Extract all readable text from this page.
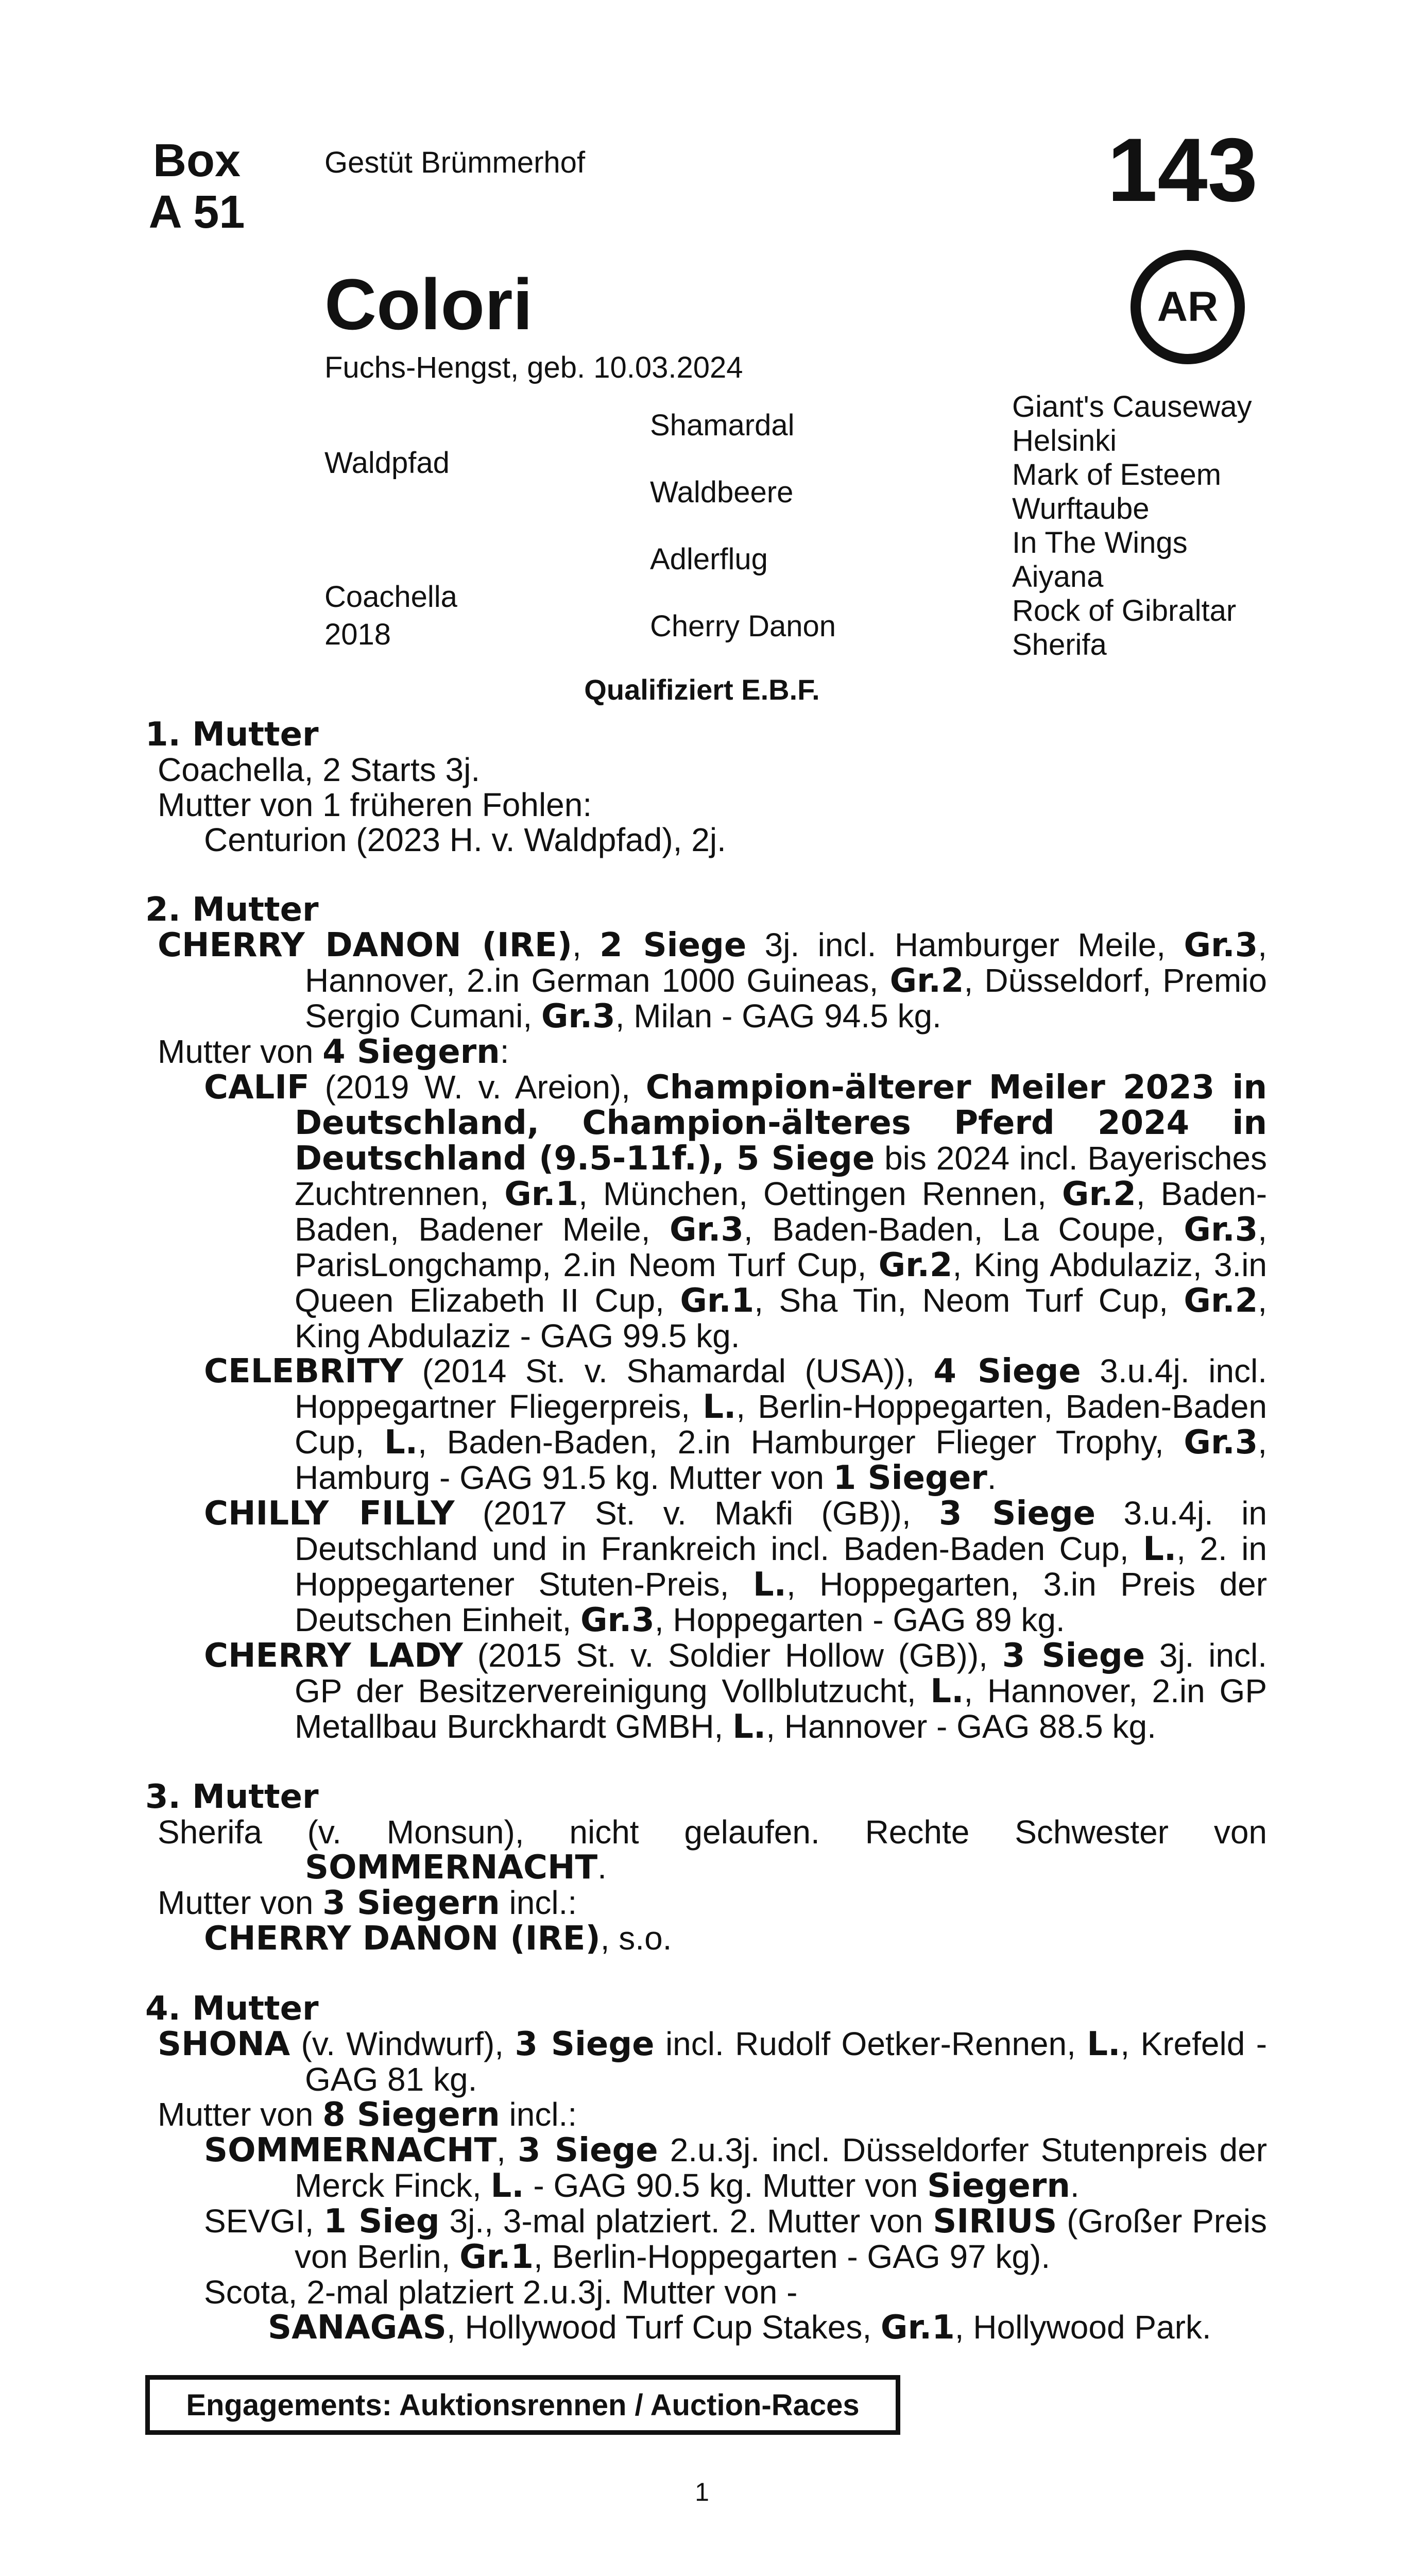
Box
A 51
Gestüt Brümmerhof	143
Colori	AR
Fuchs-Hengst, geb. 10.03.2024
Waldpfad
Coachella
2018
Shamardal
Waldbeere
Adlerflug
Cherry Danon
Giant's Causeway
Helsinki
Mark of Esteem
Wurftaube
In The Wings
Aiyana
Rock of Gibraltar
Sherifa
Qualifiziert E.B.F.
1. Mutter

Coachella, 2 Starts 3j.

Mutter von 1 früheren Fohlen:

Centurion (2023 H. v. Waldpfad), 2j.

2. Mutter

CHERRY DANON (IRE), 2 Siege 3j. incl. Hamburger Meile, Gr.3, Hannover, 2.in German 1000 Guineas, Gr.2, Düsseldorf, Premio Sergio Cumani, Gr.3, Milan - GAG 94.5 kg.

Mutter von 4 Siegern:

CALIF (2019 W. v. Areion), Champion-älterer Meiler 2023 in Deutschland, Champion-älteres Pferd 2024 in Deutschland (9.5-11f.), 5 Siege bis 2024 incl. Bayerisches Zuchtrennen, Gr.1, München, Oettingen Rennen, Gr.2, Baden-Baden, Badener Meile, Gr.3, Baden-Baden, La Coupe, Gr.3, ParisLongchamp, 2.in Neom Turf Cup, Gr.2, King Abdulaziz, 3.in Queen Elizabeth II Cup, Gr.1, Sha Tin, Neom Turf Cup, Gr.2, King Abdulaziz - GAG 99.5 kg.

CELEBRITY (2014 St. v. Shamardal (USA)), 4 Siege 3.u.4j. incl. Hoppegartner Fliegerpreis, L., Berlin-Hoppegarten, Baden-Baden Cup, L., Baden-Baden, 2.in Hamburger Flieger Trophy, Gr.3, Hamburg - GAG 91.5 kg. Mutter von 1 Sieger.

CHILLY FILLY (2017 St. v. Makfi (GB)), 3 Siege 3.u.4j. in Deutschland und in Frankreich incl. Baden-Baden Cup, L., 2. in Hoppegartener Stuten-Preis, L., Hoppegarten, 3.in Preis der Deutschen Einheit, Gr.3, Hoppegarten - GAG 89 kg.

CHERRY LADY (2015 St. v. Soldier Hollow (GB)), 3 Siege 3j. incl. GP der Besitzervereinigung Vollblutzucht, L., Hannover, 2.in GP Metallbau Burckhardt GMBH, L., Hannover - GAG 88.5 kg.

3. Mutter

Sherifa (v. Monsun), nicht gelaufen. Rechte Schwester von SOMMERNACHT.

Mutter von 3 Siegern incl.:

CHERRY DANON (IRE), s.o.

4. Mutter

SHONA (v. Windwurf), 3 Siege incl. Rudolf Oetker-Rennen, L., Krefeld - GAG 81 kg.

Mutter von 8 Siegern incl.:

SOMMERNACHT, 3 Siege 2.u.3j. incl. Düsseldorfer Stutenpreis der Merck Finck, L. - GAG 90.5 kg. Mutter von Siegern.

SEVGI, 1 Sieg 3j., 3-mal platziert. 2. Mutter von SIRIUS (Großer Preis von Berlin, Gr.1, Berlin-Hoppegarten - GAG 97 kg).

Scota, 2-mal platziert 2.u.3j. Mutter von -

SANAGAS, Hollywood Turf Cup Stakes, Gr.1, Hollywood Park.

Engagements: Auktionsrennen / Auction-Races
1
